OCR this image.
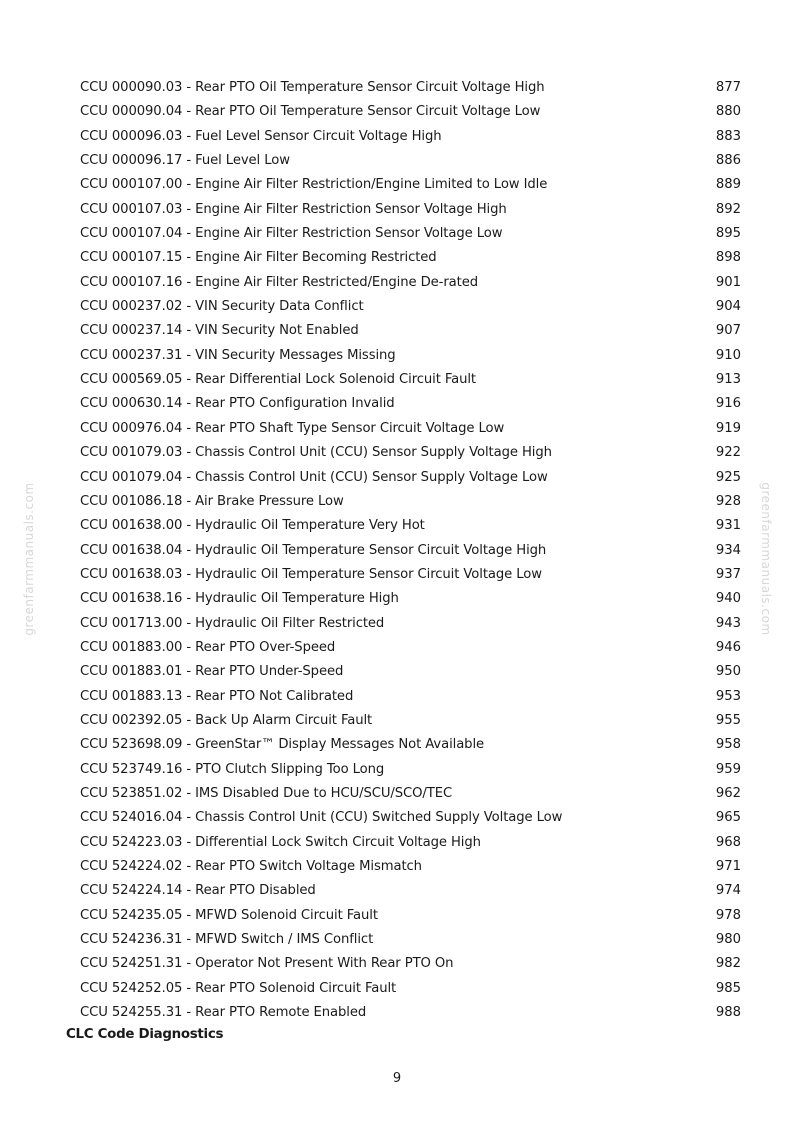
greenfarmmanuals.com	greenfarmmanuals.com
CCU 000090.03 - Rear PTO Oil Temperature Sensor Circuit Voltage High	877
CCU 000090.04 - Rear PTO Oil Temperature Sensor Circuit Voltage Low	880
CCU 000096.03 - Fuel Level Sensor Circuit Voltage High	883
CCU 000096.17 - Fuel Level Low	886
CCU 000107.00 - Engine Air Filter Restriction/Engine Limited to Low Idle	889
CCU 000107.03 - Engine Air Filter Restriction Sensor Voltage High	892
CCU 000107.04 - Engine Air Filter Restriction Sensor Voltage Low	895
CCU 000107.15 - Engine Air Filter Becoming Restricted	898
CCU 000107.16 - Engine Air Filter Restricted/Engine De-rated	901
CCU 000237.02 - VIN Security Data Conflict	904
CCU 000237.14 - VIN Security Not Enabled	907
CCU 000237.31 - VIN Security Messages Missing	910
CCU 000569.05 - Rear Differential Lock Solenoid Circuit Fault	913
CCU 000630.14 - Rear PTO Configuration Invalid	916
CCU 000976.04 - Rear PTO Shaft Type Sensor Circuit Voltage Low	919
CCU 001079.03 - Chassis Control Unit (CCU) Sensor Supply Voltage High	922
CCU 001079.04 - Chassis Control Unit (CCU) Sensor Supply Voltage Low	925
CCU 001086.18 - Air Brake Pressure Low	928
CCU 001638.00 - Hydraulic Oil Temperature Very Hot	931
CCU 001638.04 - Hydraulic Oil Temperature Sensor Circuit Voltage High	934
CCU 001638.03 - Hydraulic Oil Temperature Sensor Circuit Voltage Low	937
CCU 001638.16 - Hydraulic Oil Temperature High	940
CCU 001713.00 - Hydraulic Oil Filter Restricted	943
CCU 001883.00 - Rear PTO Over-Speed	946
CCU 001883.01 - Rear PTO Under-Speed	950
CCU 001883.13 - Rear PTO Not Calibrated	953
CCU 002392.05 - Back Up Alarm Circuit Fault	955
CCU 523698.09 - GreenStar™ Display Messages Not Available	958
CCU 523749.16 - PTO Clutch Slipping Too Long	959
CCU 523851.02 - IMS Disabled Due to HCU/SCU/SCO/TEC	962
CCU 524016.04 - Chassis Control Unit (CCU) Switched Supply Voltage Low	965
CCU 524223.03 - Differential Lock Switch Circuit Voltage High	968
CCU 524224.02 - Rear PTO Switch Voltage Mismatch	971
CCU 524224.14 - Rear PTO Disabled	974
CCU 524235.05 - MFWD Solenoid Circuit Fault	978
CCU 524236.31 - MFWD Switch / IMS Conflict	980
CCU 524251.31 - Operator Not Present With Rear PTO On	982
CCU 524252.05 - Rear PTO Solenoid Circuit Fault	985
CCU 524255.31 - Rear PTO Remote Enabled	988
CLC Code Diagnostics
9
